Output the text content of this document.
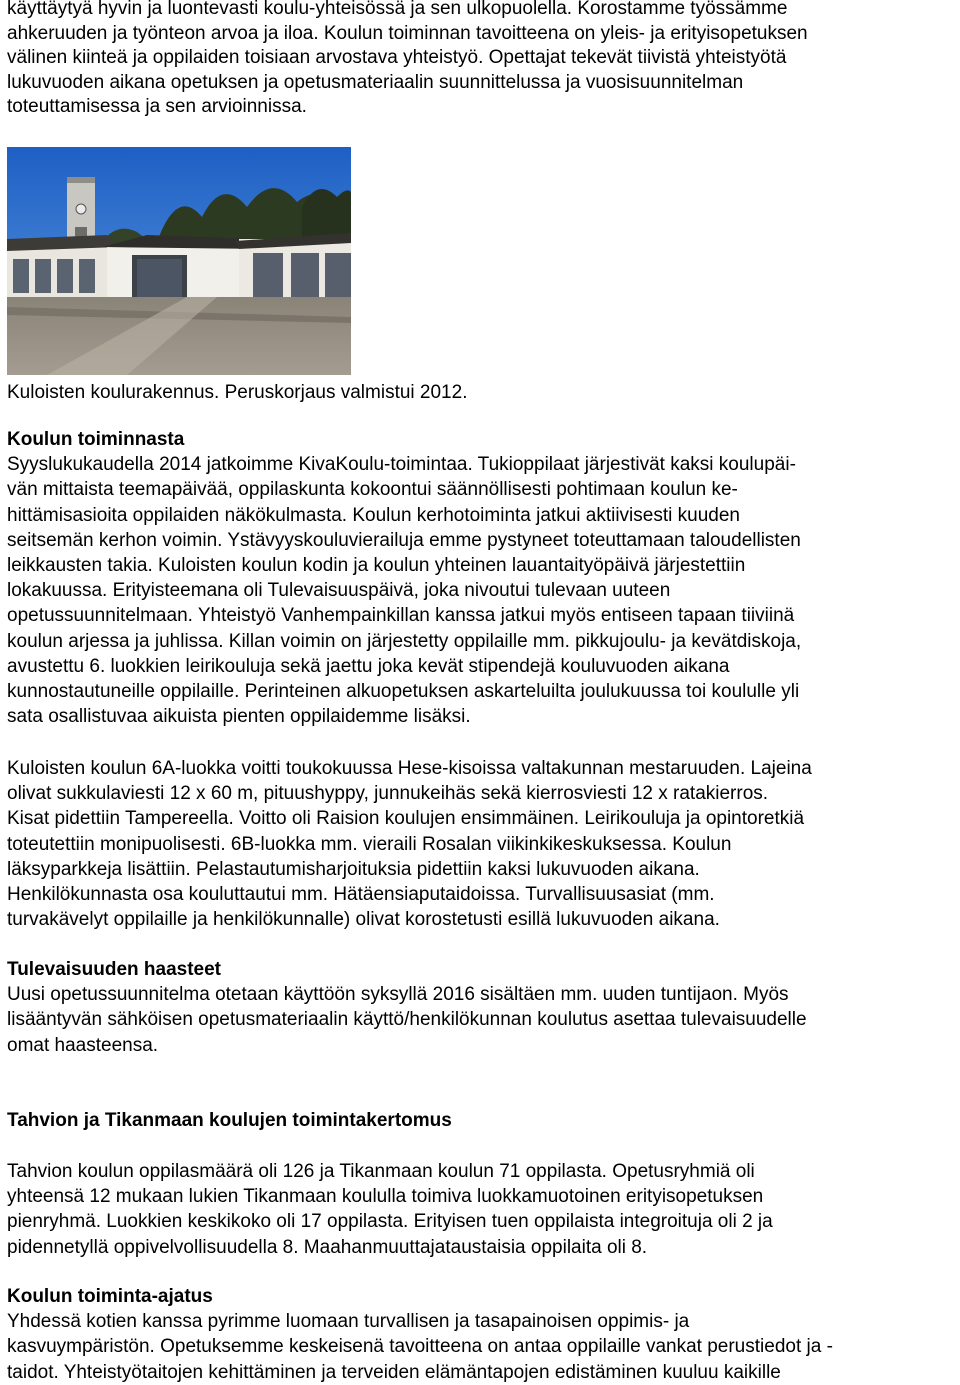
käyttäytyä hyvin ja luontevasti koulu-yhteisössä ja sen ulkopuolella. Korostamme työssämme
ahkeruuden ja työnteon arvoa ja iloa. Koulun toiminnan tavoitteena on yleis- ja erityisopetuksen
välinen kiinteä ja oppilaiden toisiaan arvostava yhteistyö. Opettajat tekevät tiivistä yhteistyötä
lukuvuoden aikana opetuksen ja opetusmateriaalin suunnittelussa ja vuosisuunnitelman
toteuttamisessa ja sen arvioinnissa.
Kuloisten koulurakennus. Peruskorjaus valmistui 2012.
Koulun toiminnasta
Syyslukukaudella 2014 jatkoimme KivaKoulu-toimintaa. Tukioppilaat järjestivät kaksi koulupäi-
vän mittaista teemapäivää, oppilaskunta kokoontui säännöllisesti pohtimaan koulun ke-
hittämisasioita oppilaiden näkökulmasta. Koulun kerhotoiminta jatkui aktiivisesti kuuden
seitsemän kerhon voimin. Ystävyyskouluvierailuja emme pystyneet toteuttamaan taloudellisten
leikkausten takia. Kuloisten koulun kodin ja koulun yhteinen lauantaityöpäivä järjestettiin
lokakuussa. Erityisteemana oli Tulevaisuuspäivä, joka nivoutui tulevaan uuteen
opetussuunnitelmaan. Yhteistyö Vanhempainkillan kanssa jatkui myös entiseen tapaan tiiviinä
koulun arjessa ja juhlissa. Killan voimin on järjestetty oppilaille mm. pikkujoulu- ja kevätdiskoja,
avustettu 6. luokkien leirikouluja sekä jaettu joka kevät stipendejä kouluvuoden aikana
kunnostautuneille oppilaille. Perinteinen alkuopetuksen askarteluilta joulukuussa toi koululle yli
sata osallistuvaa aikuista pienten oppilaidemme lisäksi.
Kuloisten koulun 6A-luokka voitti toukokuussa Hese-kisoissa valtakunnan mestaruuden. Lajeina
olivat sukkulaviesti 12 x 60 m, pituushyppy, junnukeihäs sekä kierrosviesti 12 x ratakierros.
Kisat pidettiin Tampereella. Voitto oli Raision koulujen ensimmäinen. Leirikouluja ja opintoretkiä
toteutettiin monipuolisesti. 6B-luokka mm. vieraili Rosalan viikinkikeskuksessa. Koulun
läksyparkkeja lisättiin. Pelastautumisharjoituksia pidettiin kaksi lukuvuoden aikana.
Henkilökunnasta osa kouluttautui mm. Hätäensiaputaidoissa. Turvallisuusasiat (mm.
turvakävelyt oppilaille ja henkilökunnalle) olivat korostetusti esillä lukuvuoden aikana.
Tulevaisuuden haasteet
Uusi opetussuunnitelma otetaan käyttöön syksyllä 2016 sisältäen mm. uuden tuntijaon. Myös
lisääntyvän sähköisen opetusmateriaalin käyttö/henkilökunnan koulutus asettaa tulevaisuudelle
omat haasteensa.
Tahvion ja Tikanmaan koulujen toimintakertomus
Tahvion koulun oppilasmäärä oli 126 ja Tikanmaan koulun 71 oppilasta. Opetusryhmiä oli
yhteensä 12 mukaan lukien Tikanmaan koululla toimiva luokkamuotoinen erityisopetuksen
pienryhmä. Luokkien keskikoko oli 17 oppilasta. Erityisen tuen oppilaista integroituja oli 2 ja
pidennetyllä oppivelvollisuudella 8. Maahanmuuttajataustaisia oppilaita oli 8.
Koulun toiminta-ajatus
Yhdessä kotien kanssa pyrimme luomaan turvallisen ja tasapainoisen oppimis- ja
kasvuympäristön. Opetuksemme keskeisenä tavoitteena on antaa oppilaille vankat perustiedot ja -
taidot. Yhteistyötaitojen kehittäminen ja terveiden elämäntapojen edistäminen kuuluu kaikille
